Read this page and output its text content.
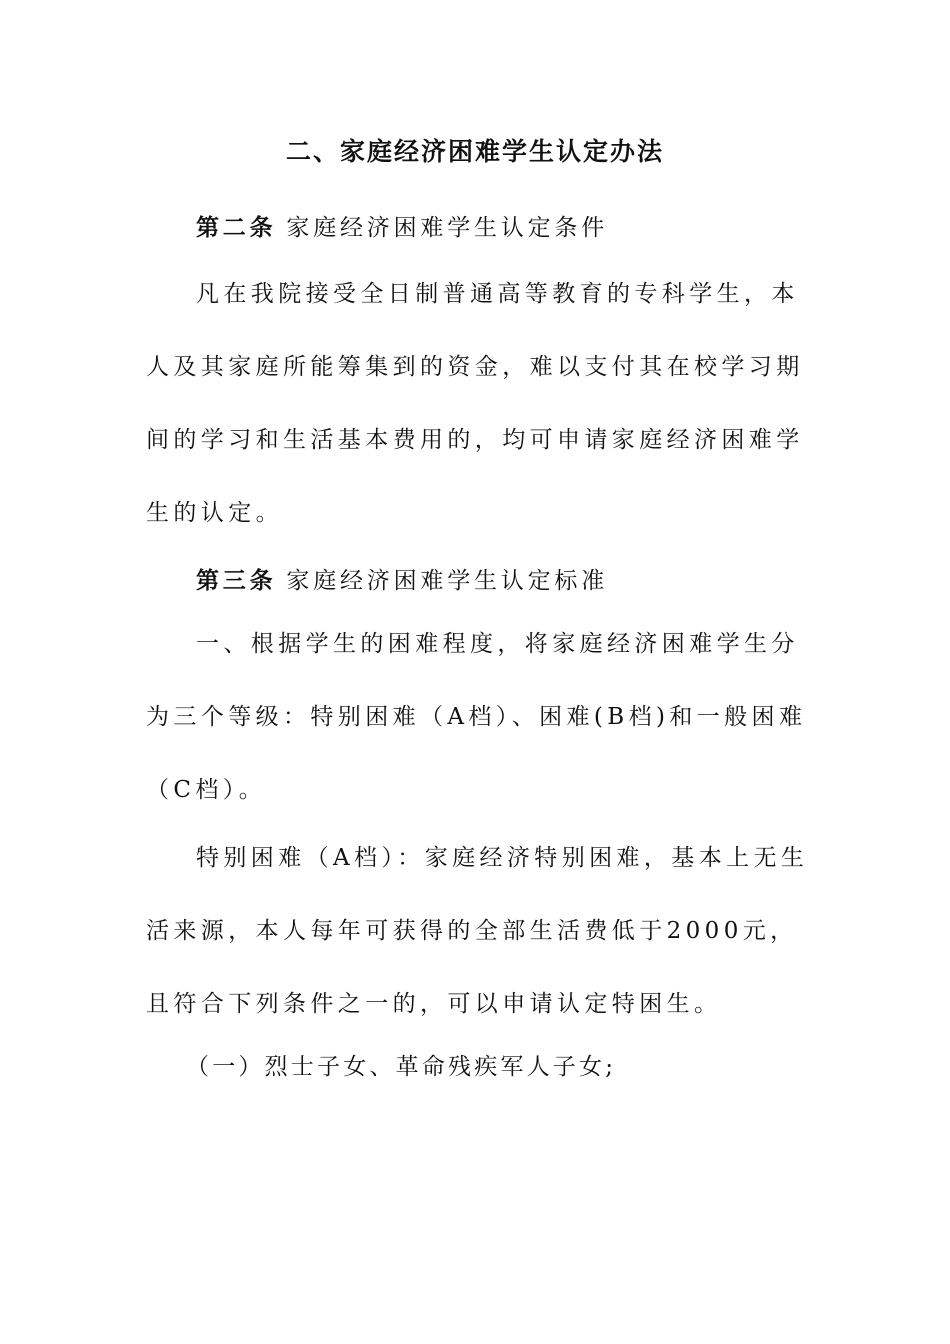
二、家庭经济困难学生认定办法
第二条 家庭经济困难学生认定条件
凡在我院接受全日制普通高等教育的专科学生，本人及其家庭所能筹集到的资金，难以支付其在校学习期间的学习和生活基本费用的，均可申请家庭经济困难学生的认定。
第三条 家庭经济困难学生认定标准
一、根据学生的困难程度，将家庭经济困难学生分为三个等级：特别困难（A档）、困难(B档)和一般困难（C档）。
特别困难（A档）：家庭经济特别困难，基本上无生活来源，本人每年可获得的全部生活费低于2000元，且符合下列条件之一的，可以申请认定特困生。
（一）烈士子女、革命残疾军人子女;
